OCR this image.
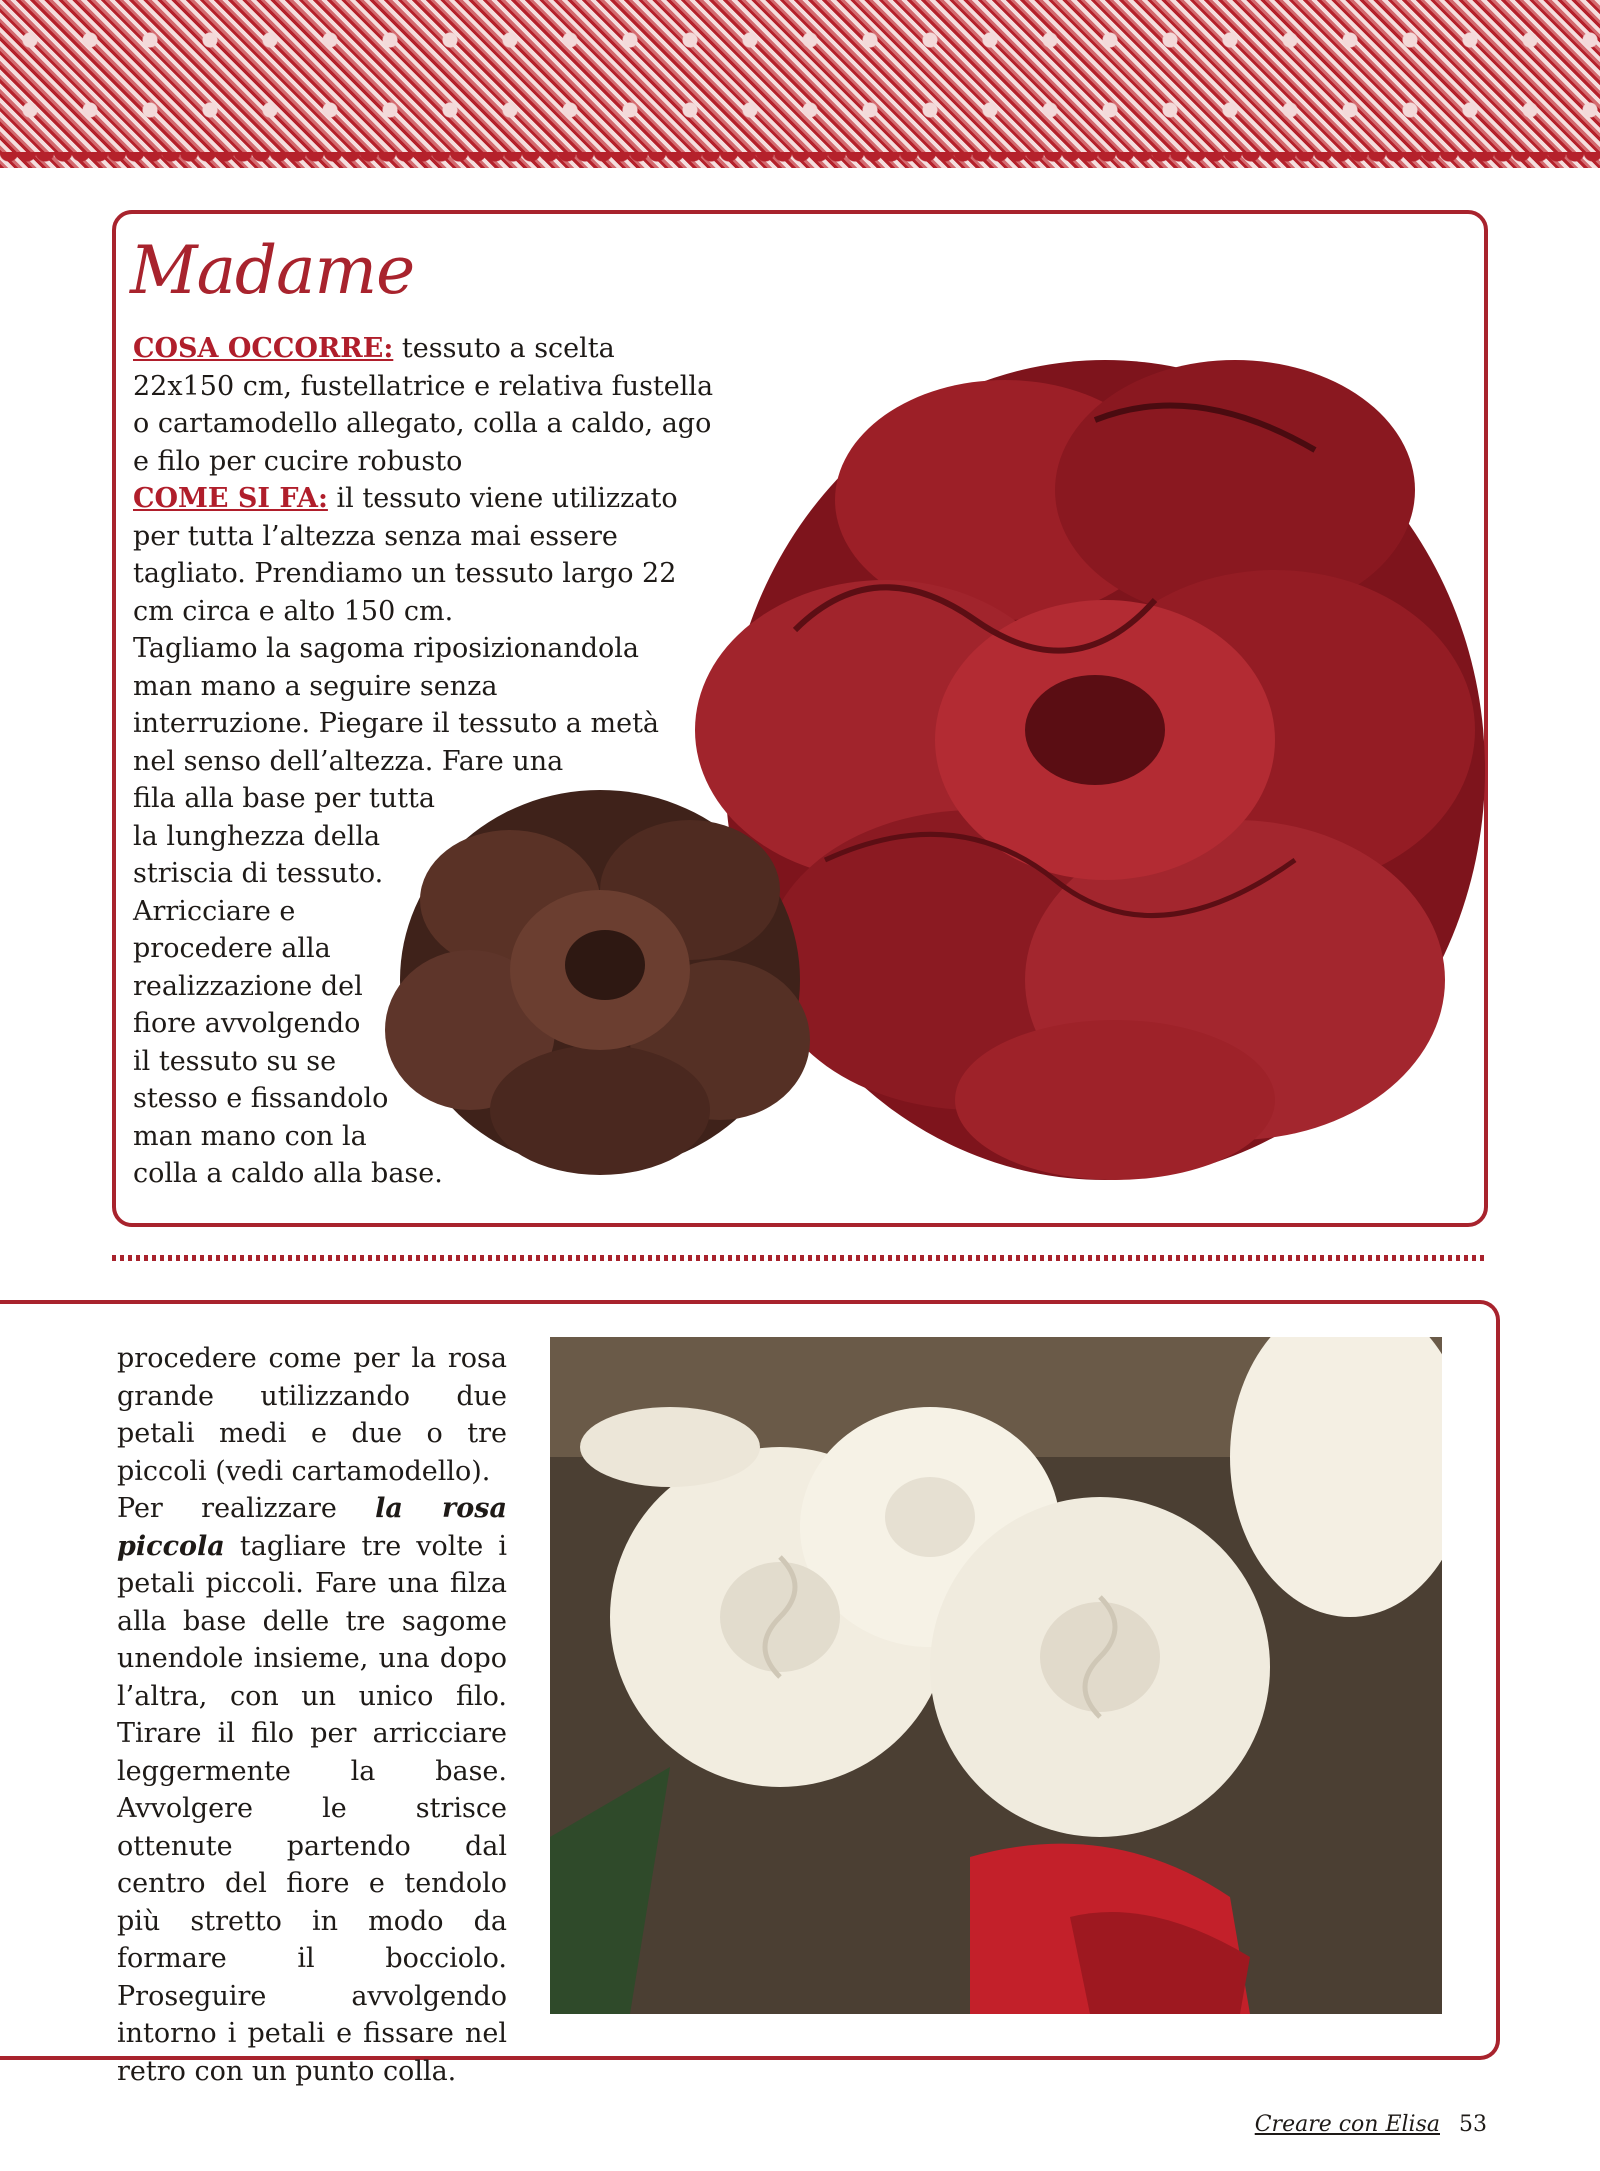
Madame

COSA OCCORRE: tessuto a scelta

22x150 cm, fustellatrice e relativa fustella

o cartamodello allegato, colla a caldo, ago

e filo per cucire robusto

COME SI FA: il tessuto viene utilizzato

per tutta l’altezza senza mai essere

tagliato. Prendiamo un tessuto largo 22

cm circa e alto 150 cm.

Tagliamo la sagoma riposizionandola

man mano a seguire senza

interruzione. Piegare il tessuto a metà

nel senso dell’altezza. Fare una

fila alla base per tutta

la lunghezza della

striscia di tessuto.

Arricciare e

procedere alla

realizzazione del

fiore avvolgendo

il tessuto su se

stesso e fissandolo

man mano con la

colla a caldo alla base.

procedere come per la rosa grande utilizzando due petali medi e due o tre piccoli (vedi cartamodello).

Per realizzare la rosa piccola tagliare tre volte i petali piccoli. Fare una filza alla base delle tre sagome unendole insieme, una dopo l’altra, con un unico filo. Tirare il filo per arricciare leggermente la base. Avvolgere le strisce ottenute partendo dal centro del fiore e tendolo più stretto in modo da formare il bocciolo. Proseguire avvolgendo intorno i petali e fissare nel retro con un punto colla.

Creare con Elisa 53
